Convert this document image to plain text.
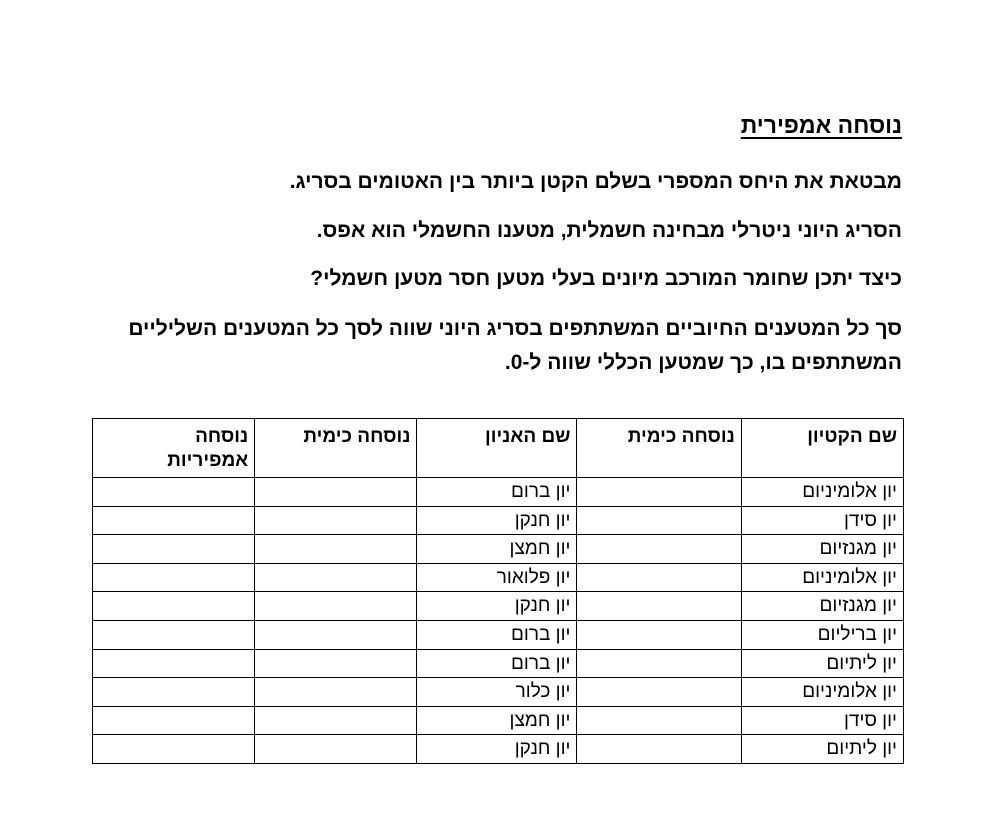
נוסחה אמפירית
מבטאת את היחס המספרי בשלם הקטן ביותר בין האטומים בסריג.
הסריג היוני ניטרלי מבחינה חשמלית, מטענו החשמלי הוא אפס.
כיצד יתכן שחומר המורכב מיונים בעלי מטען חסר מטען חשמלי?
סך כל המטענים החיוביים המשתתפים בסריג היוני שווה לסך כל המטענים השליליים
המשתתפים בו, כך שמטען הכללי שווה ל-0.
שם הקטיון	נוסחה כימית	שם האניון	נוסחה כימית	נוסחה
אמפיריות

יון אלומיניום		יון ברום		
יון סידן		יון חנקן		
יון מגנזיום		יון חמצן		
יון אלומיניום		יון פלואור		
יון מגנזיום		יון חנקן		
יון בריליום		יון ברום		
יון ליתיום		יון ברום		
יון אלומיניום		יון כלור		
יון סידן		יון חמצן		
יון ליתיום		יון חנקן		
